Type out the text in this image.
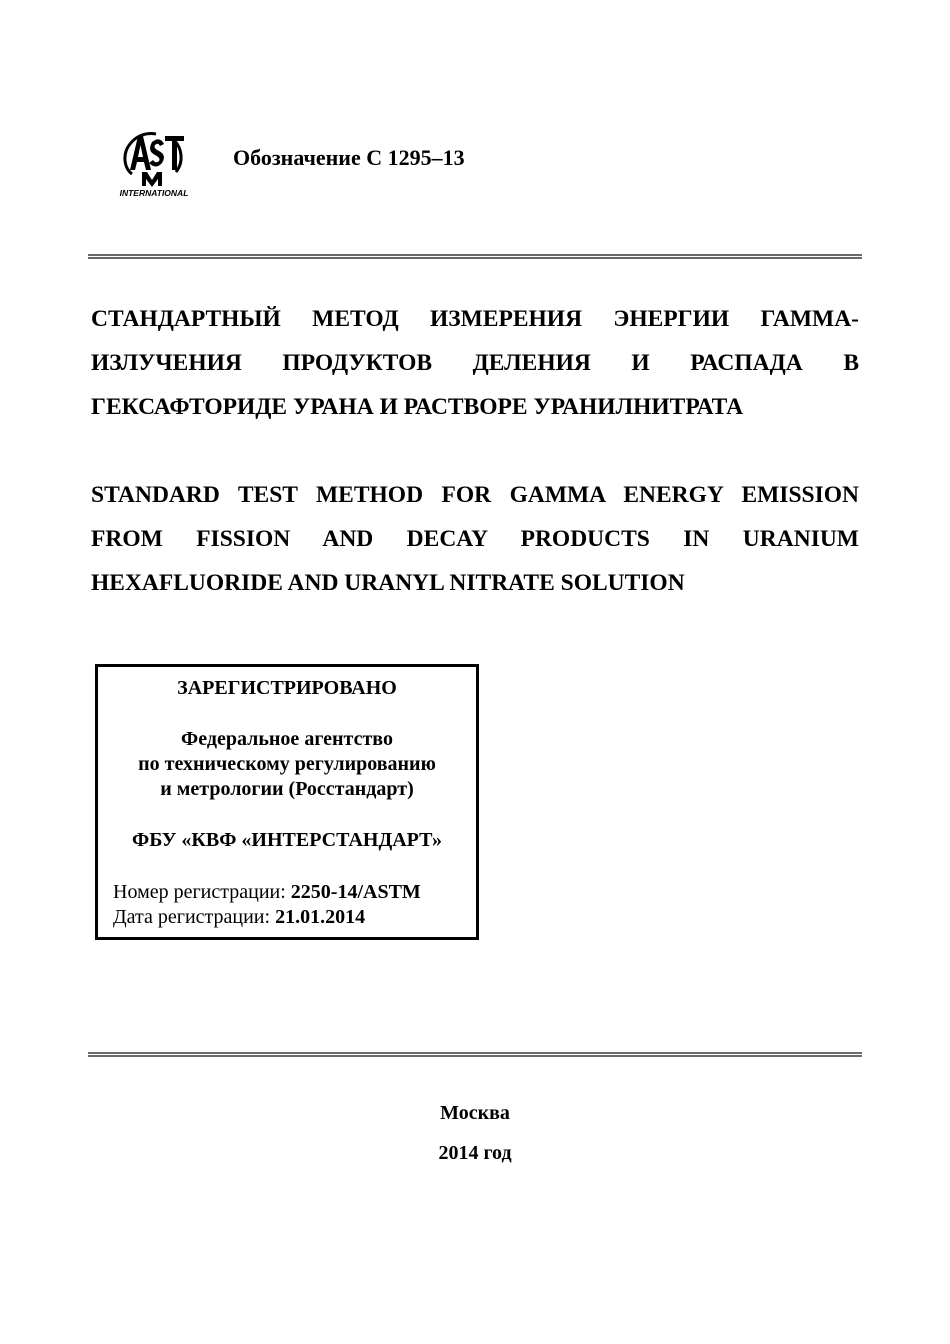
INTERNATIONAL
Обозначение С 1295–13
СТАНДАРТНЫЙ МЕТОД ИЗМЕРЕНИЯ ЭНЕРГИИ ГАММА-
ИЗЛУЧЕНИЯ ПРОДУКТОВ ДЕЛЕНИЯ И РАСПАДА В
ГЕКСАФТОРИДЕ УРАНА И РАСТВОРЕ УРАНИЛНИТРАТА
STANDARD TEST METHOD FOR GAMMA ENERGY EMISSION
FROM FISSION AND DECAY PRODUCTS IN URANIUM
HEXAFLUORIDE AND URANYL NITRATE SOLUTION
ЗАРЕГИСТРИРОВАНО
Федеральное агентство
по техническому регулированию
и метрологии (Росстандарт)
ФБУ «КВФ «ИНТЕРСТАНДАРТ»
Номер регистрации: 2250-14/ASTM
Дата регистрации: 21.01.2014
Москва
2014 год
